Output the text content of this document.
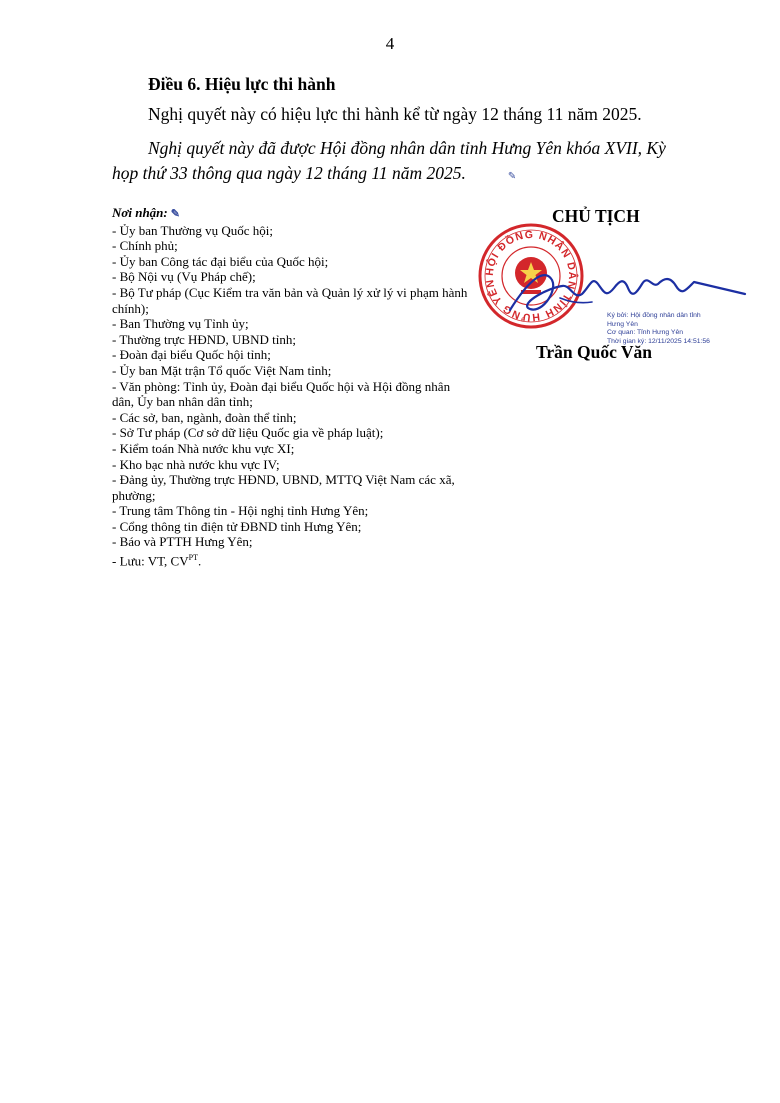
4
Điều 6. Hiệu lực thi hành
Nghị quyết này có hiệu lực thi hành kể từ ngày 12 tháng 11 năm 2025.
Nghị quyết này đã được Hội đồng nhân dân tỉnh Hưng Yên khóa XVII, Kỳ họp thứ 33 thông qua ngày 12 tháng 11 năm 2025.	✎
Nơi nhận: ✎
- Ủy ban Thường vụ Quốc hội;
- Chính phủ;
- Ủy ban Công tác đại biểu của Quốc hội;
- Bộ Nội vụ (Vụ Pháp chế);
- Bộ Tư pháp (Cục Kiểm tra văn bản và Quản lý xử lý vi phạm hành chính);
- Ban Thường vụ Tỉnh ủy;
- Thường trực HĐND, UBND tỉnh;
- Đoàn đại biểu Quốc hội tỉnh;
- Ủy ban Mặt trận Tổ quốc Việt Nam tỉnh;
- Văn phòng: Tỉnh ủy, Đoàn đại biểu Quốc hội và Hội đồng nhân dân, Ủy ban nhân dân tỉnh;
- Các sở, ban, ngành, đoàn thể tỉnh;
- Sở Tư pháp (Cơ sở dữ liệu Quốc gia về pháp luật);
- Kiểm toán Nhà nước khu vực XI;
- Kho bạc nhà nước khu vực IV;
- Đảng ủy, Thường trực HĐND, UBND, MTTQ Việt Nam các xã, phường;
- Trung tâm Thông tin - Hội nghị tỉnh Hưng Yên;
- Cổng thông tin điện tử ĐBND tỉnh Hưng Yên;
- Báo và PTTH Hưng Yên;
- Lưu: VT, $CV^{PT}$.
CHỦ TỊCH
HỘI ĐỒNG NHÂN DÂN TỈNH HƯNG YÊN
Ký bởi: Hội đồng nhân dân tỉnh
Hưng Yên
Cơ quan: Tỉnh Hưng Yên
Thời gian ký: 12/11/2025 14:51:56
Trần Quốc Văn
